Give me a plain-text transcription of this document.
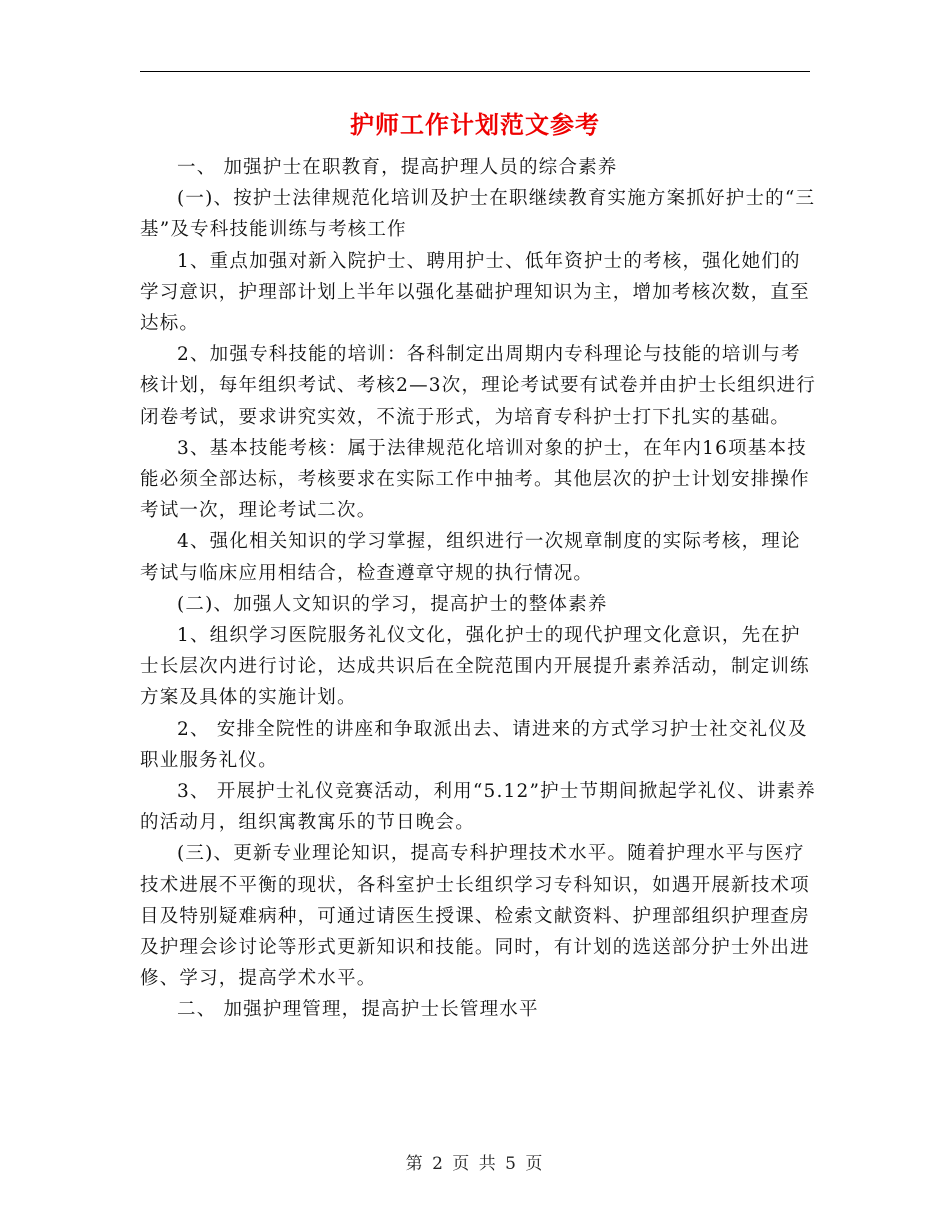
护师工作计划范文参考

一、 加强护士在职教育，提高护理人员的综合素养

(一)、按护士法律规范化培训及护士在职继续教育实施方案抓好护士的“三基”及专科技能训练与考核工作

1、重点加强对新入院护士、聘用护士、低年资护士的考核，强化她们的学习意识，护理部计划上半年以强化基础护理知识为主，增加考核次数，直至达标。

2、加强专科技能的培训：各科制定出周期内专科理论与技能的培训与考核计划，每年组织考试、考核2—3次，理论考试要有试卷并由护士长组织进行闭卷考试，要求讲究实效，不流于形式，为培育专科护士打下扎实的基础。

3、基本技能考核：属于法律规范化培训对象的护士，在年内16项基本技能必须全部达标，考核要求在实际工作中抽考。其他层次的护士计划安排操作考试一次，理论考试二次。

4、强化相关知识的学习掌握，组织进行一次规章制度的实际考核，理论考试与临床应用相结合，检查遵章守规的执行情况。

(二)、加强人文知识的学习，提高护士的整体素养

1、组织学习医院服务礼仪文化，强化护士的现代护理文化意识，先在护士长层次内进行讨论，达成共识后在全院范围内开展提升素养活动，制定训练方案及具体的实施计划。

2、 安排全院性的讲座和争取派出去、请进来的方式学习护士社交礼仪及职业服务礼仪。

3、 开展护士礼仪竞赛活动，利用“5.12”护士节期间掀起学礼仪、讲素养的活动月，组织寓教寓乐的节日晚会。

(三)、更新专业理论知识，提高专科护理技术水平。随着护理水平与医疗技术进展不平衡的现状，各科室护士长组织学习专科知识，如遇开展新技术项目及特别疑难病种，可通过请医生授课、检索文献资料、护理部组织护理查房及护理会诊讨论等形式更新知识和技能。同时，有计划的选送部分护士外出进修、学习，提高学术水平。

二、 加强护理管理，提高护士长管理水平

第 2 页 共 5 页
